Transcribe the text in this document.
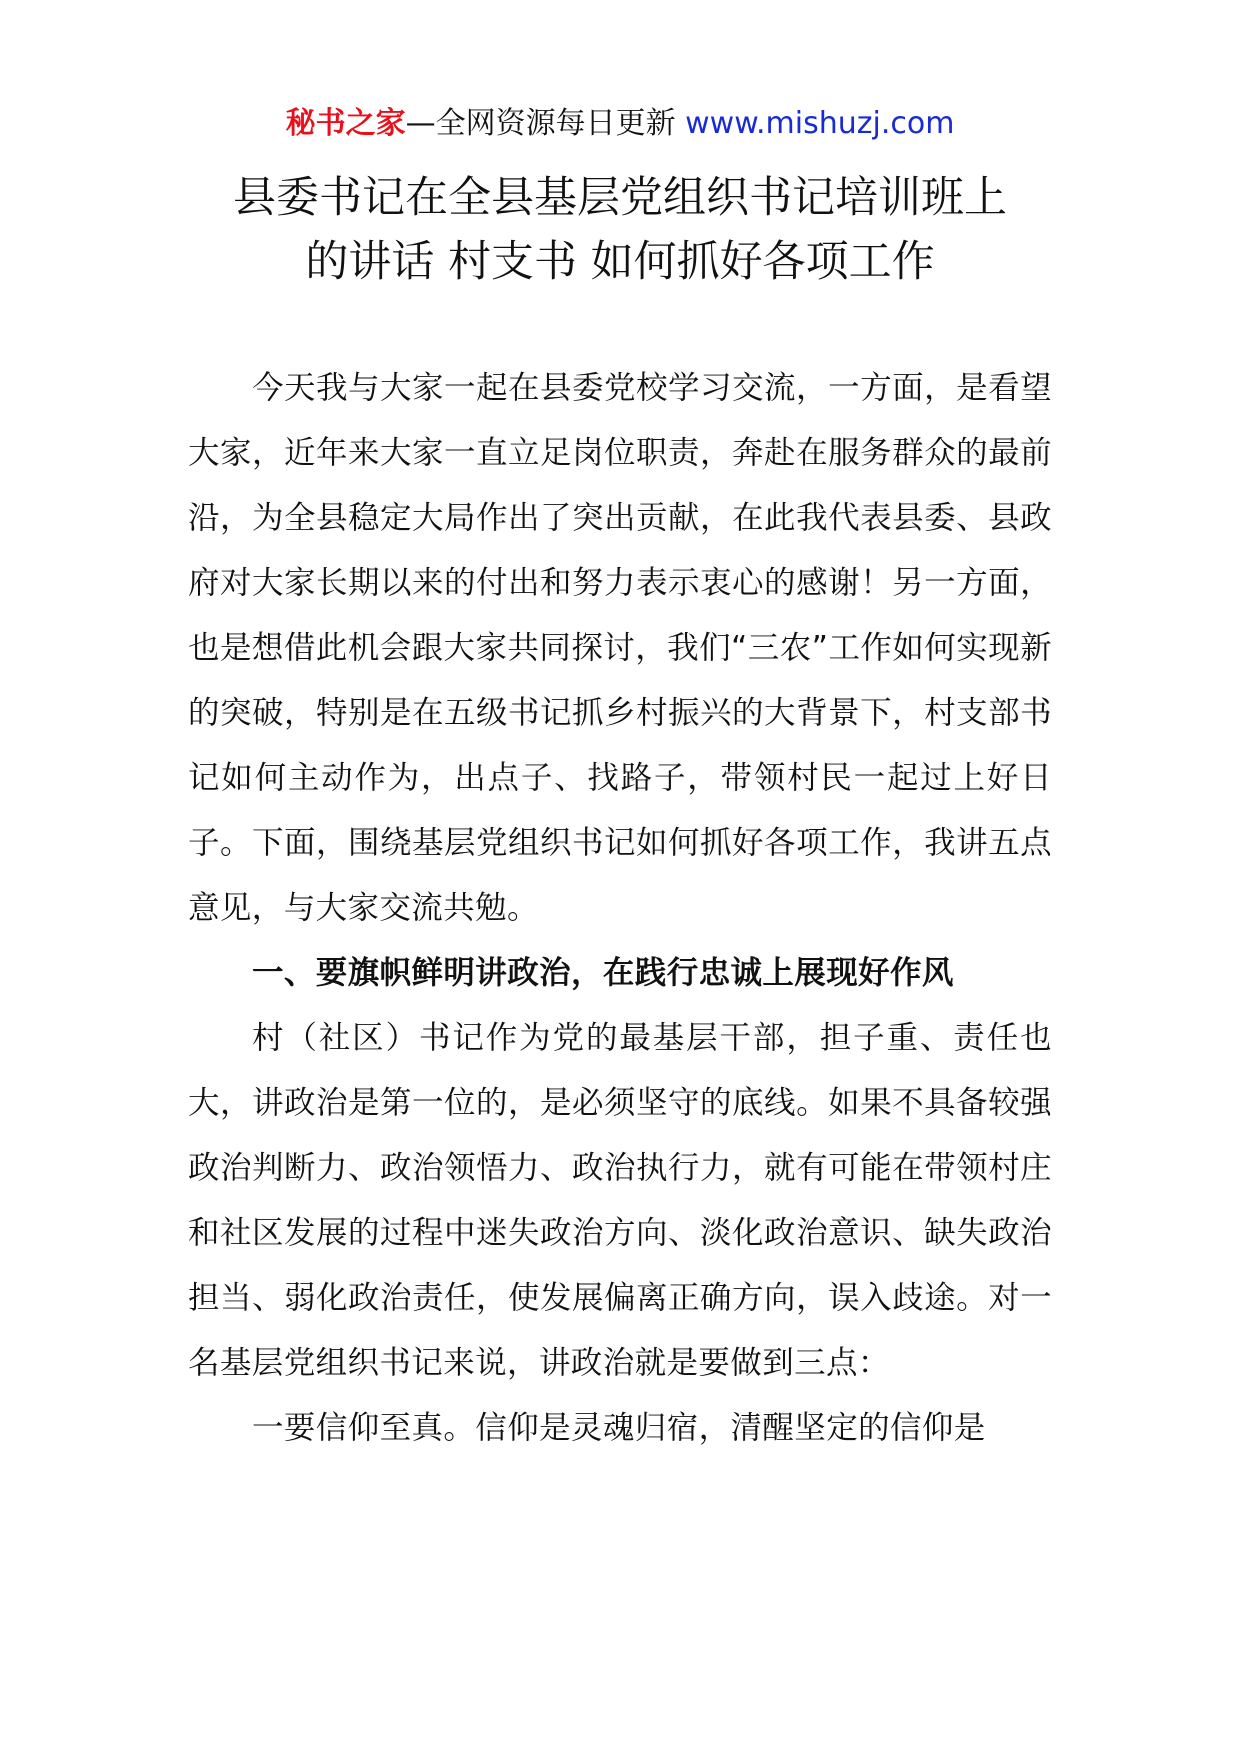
秘书之家—全网资源每日更新 www.mishuzj.com
县委书记在全县基层党组织书记培训班上
的讲话 村支书 如何抓好各项工作

今天我与大家一起在县委党校学习交流，一方面，是看望大家，近年来大家一直立足岗位职责，奔赴在服务群众的最前沿，为全县稳定大局作出了突出贡献，在此我代表县委、县政府对大家长期以来的付出和努力表示衷心的感谢！另一方面，也是想借此机会跟大家共同探讨，我们“三农”工作如何实现新的突破，特别是在五级书记抓乡村振兴的大背景下，村支部书记如何主动作为，出点子、找路子，带领村民一起过上好日子。下面，围绕基层党组织书记如何抓好各项工作，我讲五点意见，与大家交流共勉。

一、要旗帜鲜明讲政治，在践行忠诚上展现好作风

村（社区）书记作为党的最基层干部，担子重、责任也大，讲政治是第一位的，是必须坚守的底线。如果不具备较强政治判断力、政治领悟力、政治执行力，就有可能在带领村庄和社区发展的过程中迷失政治方向、淡化政治意识、缺失政治担当、弱化政治责任，使发展偏离正确方向，误入歧途。对一名基层党组织书记来说，讲政治就是要做到三点：

一要信仰至真。信仰是灵魂归宿，清醒坚定的信仰是
